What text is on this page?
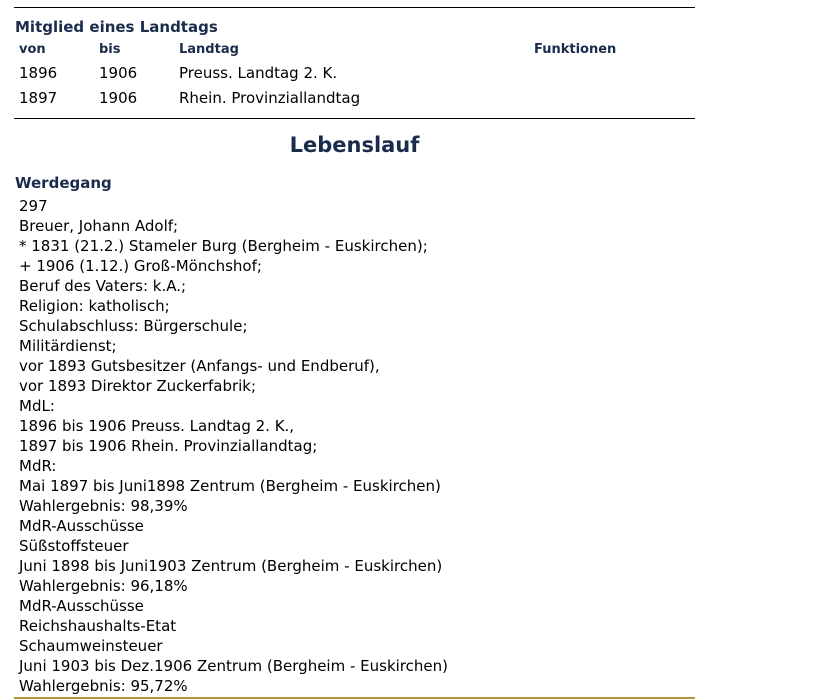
Mitglied eines Landtags
von	bis	Landtag	Funktionen
1896	1906	Preuss. Landtag 2. K.
1897	1906	Rhein. Provinziallandtag
Lebenslauf
Werdegang
297
Breuer, Johann Adolf;
* 1831 (21.2.) Stameler Burg (Bergheim - Euskirchen);
+ 1906 (1.12.) Groß-Mönchshof;
Beruf des Vaters: k.A.;
Religion: katholisch;
Schulabschluss: Bürgerschule;
Militärdienst;
vor 1893 Gutsbesitzer (Anfangs- und Endberuf),
vor 1893 Direktor Zuckerfabrik;
MdL:
1896 bis 1906 Preuss. Landtag 2. K.,
1897 bis 1906 Rhein. Provinziallandtag;
MdR:
Mai 1897 bis Juni1898 Zentrum (Bergheim - Euskirchen)
Wahlergebnis: 98,39%
MdR-Ausschüsse
Süßstoffsteuer
Juni 1898 bis Juni1903 Zentrum (Bergheim - Euskirchen)
Wahlergebnis: 96,18%
MdR-Ausschüsse
Reichshaushalts-Etat
Schaumweinsteuer
Juni 1903 bis Dez.1906 Zentrum (Bergheim - Euskirchen)
Wahlergebnis: 95,72%
